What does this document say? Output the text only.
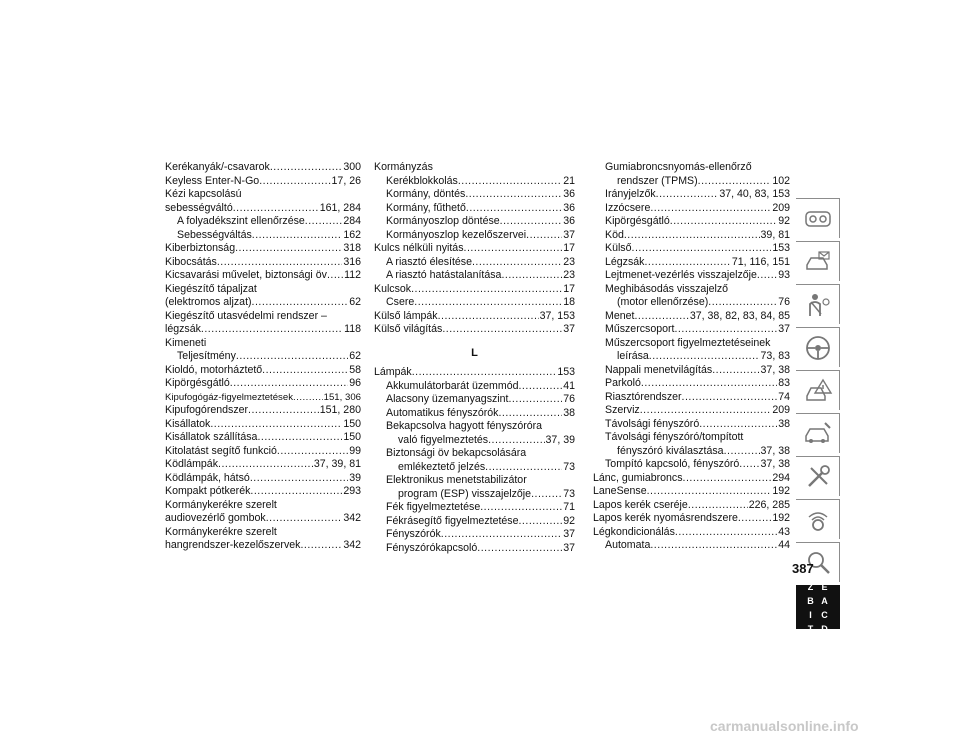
Kerékanyák/-csavarok .....	300
Keyless Enter-N-Go .....	17, 26
Kézi kapcsolású
sebességváltó .....	161, 284
A folyadékszint ellenőrzése .....	284
Sebességváltás .....	162
Kiberbiztonság .....	318
Kibocsátás .....	316
Kicsavarási művelet, biztonsági öv ..... 112
Kiegészítő tápaljzat
(elektromos aljzat) .....	62
Kiegészítő utasvédelmi rendszer –
légzsák .....	118
Kimeneti
Teljesítmény .....	62
Kioldó, motorháztető .....	58
Kipörgésgátló .....	96
Kipufogógáz-figyelmeztetések .....	151, 306
Kipufogórendszer .....	151, 280
Kisállatok .....	150
Kisállatok szállítása .....	150
Kitolatást segítő funkció .....	99
Ködlámpák .....	37, 39, 81
Ködlámpák, hátsó .....	39
Kompakt pótkerék .....	293
Kormánykerékre szerelt
audiovezérlő gombok .....	342
Kormánykerékre szerelt
hangrendszer-kezelőszervek .....	342
Kormányzás
Kerékblokkolás .....	21
Kormány, döntés .....	36
Kormány, fűthető .....	36
Kormányoszlop döntése .....	36
Kormányoszlop kezelőszervei .....	37
Kulcs nélküli nyitás .....	17
A riasztó élesítése .....	23
A riasztó hatástalanítása .....	23
Kulcsok .....	17
Csere .....	18
Külső lámpák .....	37, 153
Külső világítás .....	37
L
Lámpák .....	153
Akkumulátorbarát üzemmód .....	41
Alacsony üzemanyagszint .....	76
Automatikus fényszórók .....	38
Bekapcsolva hagyott fényszóróra
való figyelmeztetés .....	37, 39
Biztonsági öv bekapcsolására
emlékeztető jelzés .....	73
Elektronikus menetstabilizátor
program (ESP) visszajelzője .....	73
Fék figyelmeztetése .....	71
Fékrásegítő figyelmeztetése .....	92
Fényszórók .....	37
Fényszórókapcsoló .....	37
Gumiabroncsnyomás-ellenőrző
rendszer (TPMS) .....	102
Irányjelzők .....	37, 40, 83, 153
Izzócsere .....	209
Kipörgésgátló .....	92
Köd .....	39, 81
Külső .....	153
Légzsák .....	71, 116, 151
Lejtmenet-vezérlés visszajelzője ..... 93
Meghibásodás visszajelző
(motor ellenőrzése) .....	76
Menet .....	37, 38, 82, 83, 84, 85
Műszercsoport .....	37
Műszercsoport figyelmeztetéseinek
leírása .....	73, 83
Nappali menetvilágítás .....	37, 38
Parkoló .....	83
Riasztórendszer .....	74
Szerviz .....	209
Távolsági fényszóró .....	38
Távolsági fényszóró/tompított
fényszóró kiválasztása .....	37, 38
Tompító kapcsoló, fényszóró ..... 37, 38
Lánc, gumiabroncs .....	294
LaneSense .....	192
Lapos kerék cseréje .....	226, 285
Lapos kerék nyomásrendszere .....	192
Légkondicionálás .....	43
Automata .....	44
Z E
B A
I	C
T D
387
carmanualsonline.info
